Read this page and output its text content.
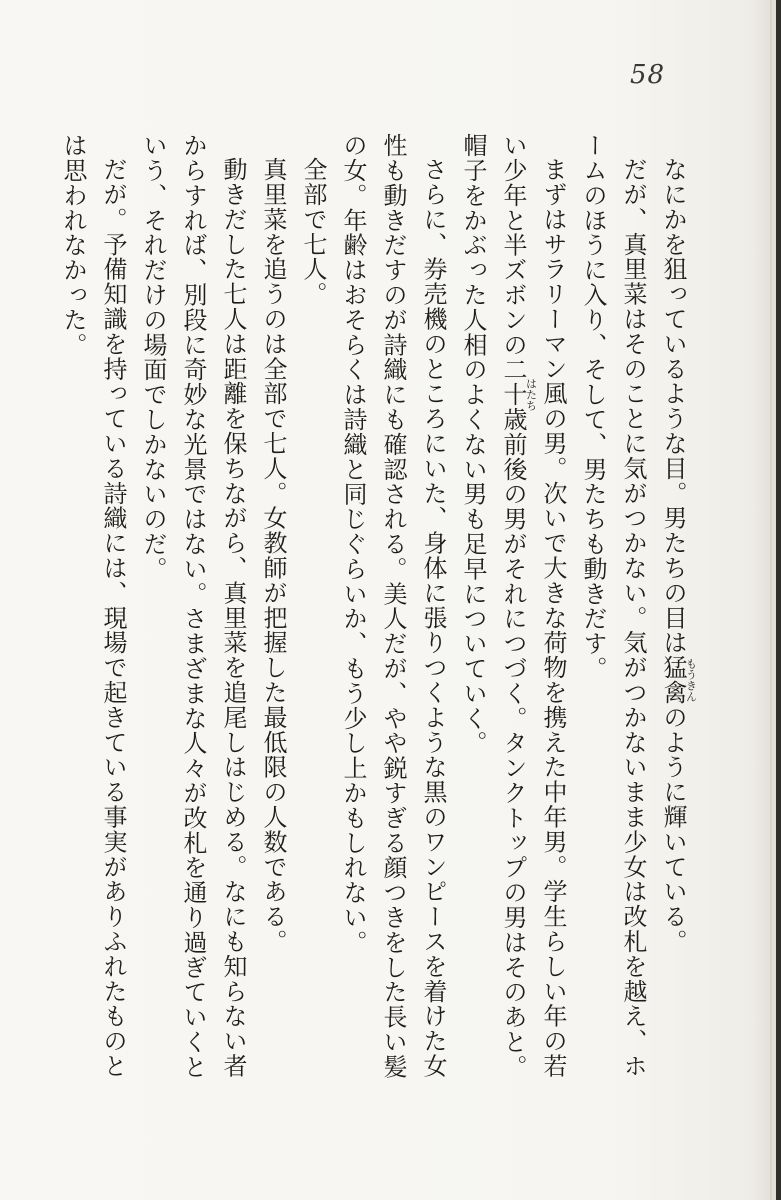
58

なにかを狙っているような目。男たちの目は猛禽もうきんのように輝いている。

だが、真里菜はそのことに気がつかない。気がつかないまま少女は改札を越え、ホームのほうに入り、そして、男たちも動きだす。

まずはサラリーマン風の男。次いで大きな荷物を携えた中年男。学生らしい年の若い少年と半ズボンの二十歳はたち前後の男がそれにつづく。タンクトップの男はそのあと。帽子をかぶった人相のよくない男も足早についていく。

さらに、券売機のところにいた、身体に張りつくような黒のワンピースを着けた女性も動きだすのが詩織にも確認される。美人だが、やや鋭すぎる顔つきをした長い髪の女。年齢はおそらくは詩織と同じぐらいか、もう少し上かもしれない。

全部で七人。

真里菜を追うのは全部で七人。女教師が把握した最低限の人数である。

動きだした七人は距離を保ちながら、真里菜を追尾しはじめる。なにも知らない者からすれば、別段に奇妙な光景ではない。さまざまな人々が改札を通り過ぎていくという、それだけの場面でしかないのだ。

だが。予備知識を持っている詩織には、現場で起きている事実がありふれたものとは思われなかった。
